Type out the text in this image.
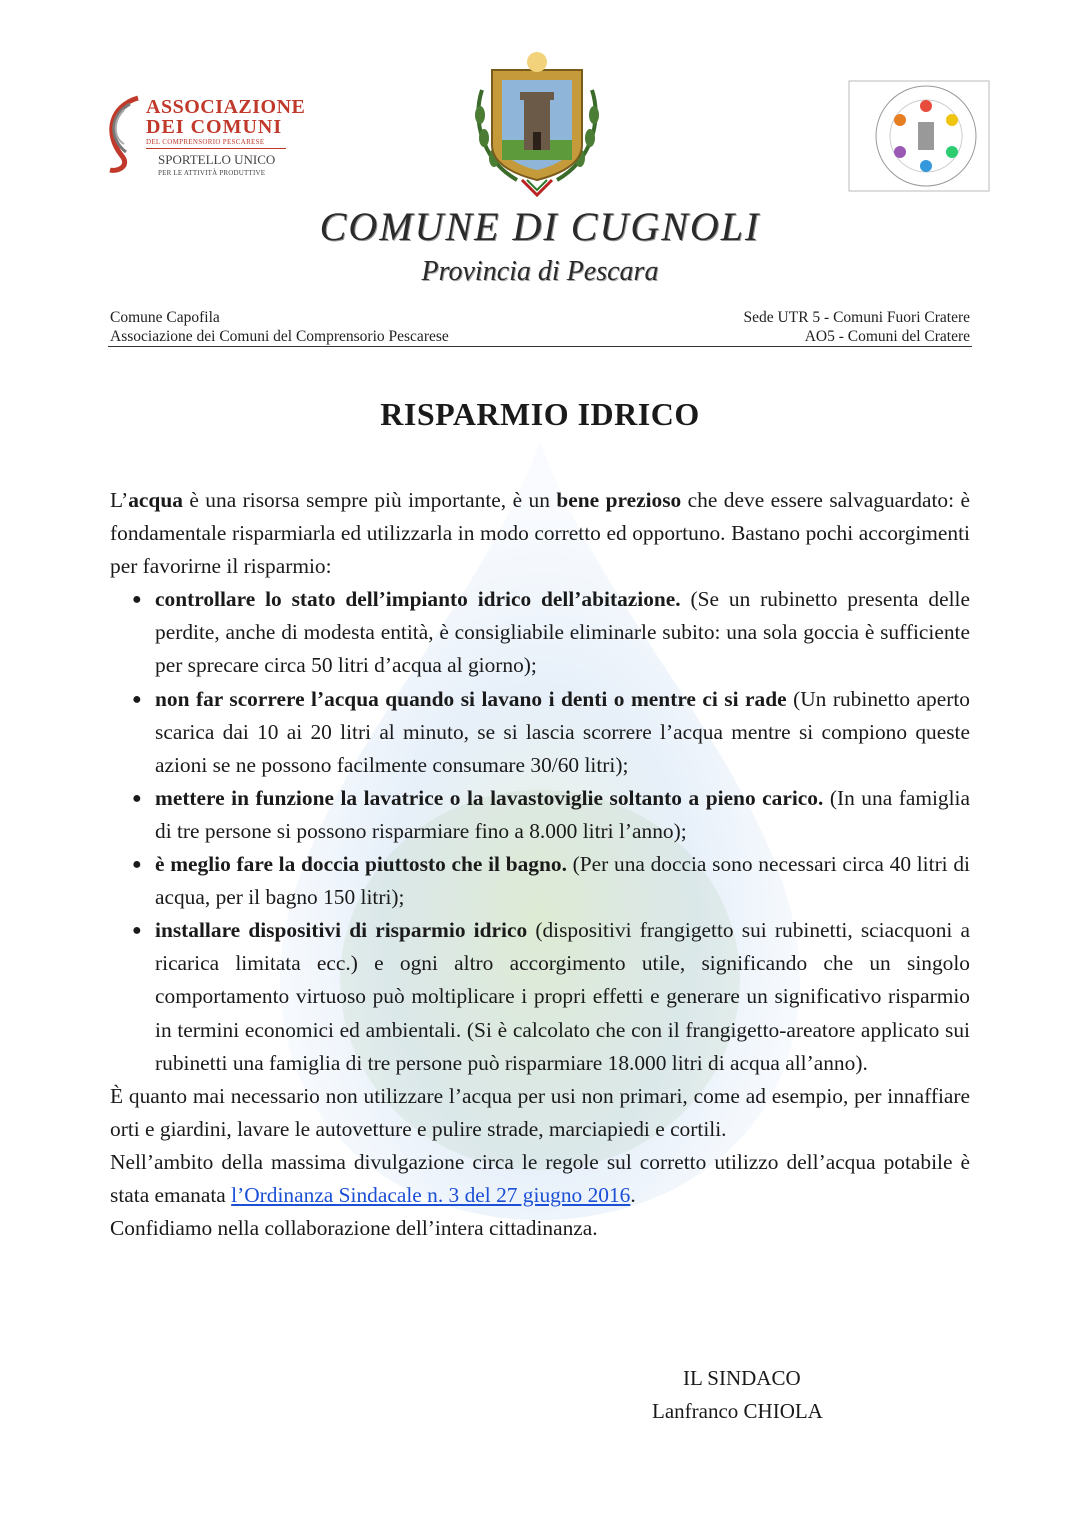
ASSOCIAZIONE
DEI COMUNI
DEL COMPRENSORIO PESCARESE
SPORTELLO UNICO
PER LE ATTIVITÀ PRODUTTIVE
COMUNE DI CUGNOLI
Provincia di Pescara
Comune Capofila
Associazione dei Comuni del Comprensorio Pescarese
Sede UTR 5 - Comuni Fuori Cratere
AO5 - Comuni del Cratere
RISPARMIO IDRICO

L’acqua è una risorsa sempre più importante, è un bene prezioso che deve essere salvaguardato: è fondamentale risparmiarla ed utilizzarla in modo corretto ed opportuno. Bastano pochi accorgimenti per favorirne il risparmio:

● controllare lo stato dell’impianto idrico dell’abitazione. (Se un rubinetto presenta delle perdite, anche di modesta entità, è consigliabile eliminarle subito: una sola goccia è sufficiente per sprecare circa 50 litri d’acqua al giorno);
● non far scorrere l’acqua quando si lavano i denti o mentre ci si rade (Un rubinetto aperto scarica dai 10 ai 20 litri al minuto, se si lascia scorrere l’acqua mentre si compiono queste azioni se ne possono facilmente consumare 30/60 litri);
● mettere in funzione la lavatrice o la lavastoviglie soltanto a pieno carico. (In una famiglia di tre persone si possono risparmiare fino a 8.000 litri l’anno);
● è meglio fare la doccia piuttosto che il bagno. (Per una doccia sono necessari circa 40 litri di acqua, per il bagno 150 litri);
● installare dispositivi di risparmio idrico (dispositivi frangigetto sui rubinetti, sciacquoni a ricarica limitata ecc.) e ogni altro accorgimento utile, significando che un singolo comportamento virtuoso può moltiplicare i propri effetti e generare un significativo risparmio in termini economici ed ambientali. (Si è calcolato che con il frangigetto-areatore applicato sui rubinetti una famiglia di tre persone può risparmiare 18.000 litri di acqua all’anno).

È quanto mai necessario non utilizzare l’acqua per usi non primari, come ad esempio, per innaffiare orti e giardini, lavare le autovetture e pulire strade, marciapiedi e cortili.

Nell’ambito della massima divulgazione circa le regole sul corretto utilizzo dell’acqua potabile è stata emanata l’Ordinanza Sindacale n. 3 del 27 giugno 2016.

Confidiamo nella collaborazione dell’intera cittadinanza.

IL SINDACO
Lanfranco CHIOLA
